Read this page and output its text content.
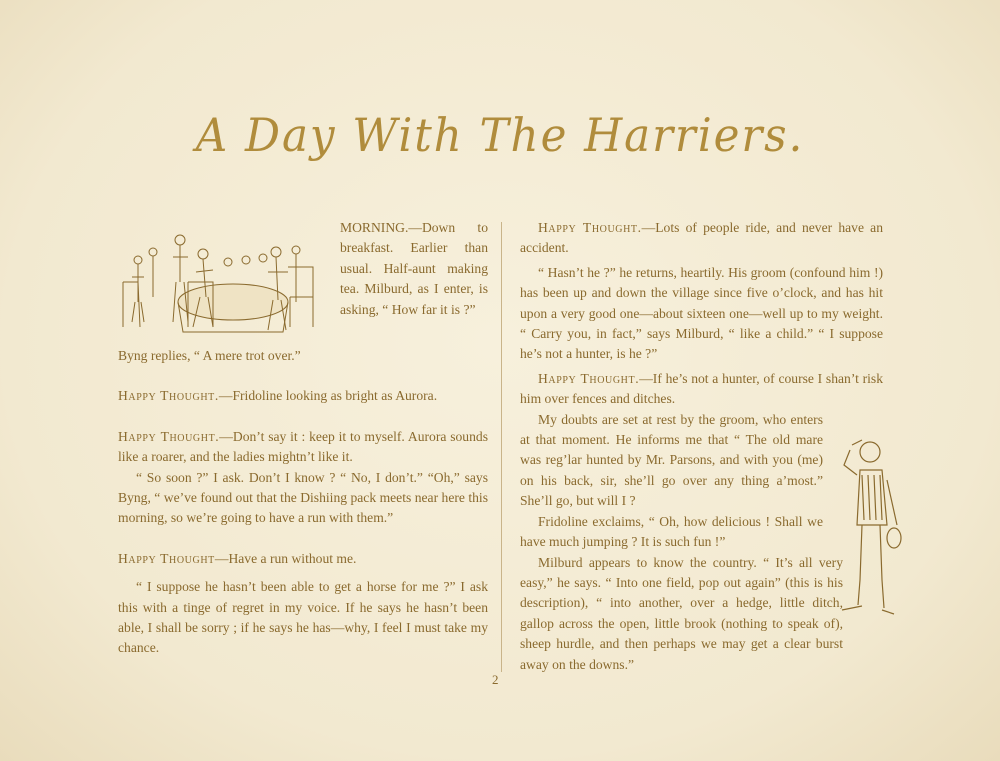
A Day With The Harriers.
MORNING.—Down to breakfast. Earlier than usual. Half-aunt making tea. Milburd, as I enter, is asking, “ How far it is ?”

Byng replies, “ A mere trot over.”

Happy Thought.—Fridoline looking as bright as Aurora.

Happy Thought.—Don’t say it : keep it to myself. Aurora sounds like a roarer, and the ladies mightn’t like it.

“ So soon ?” I ask. Don’t I know ? “ No, I don’t.” “Oh,” says Byng, “ we’ve found out that the Dishiing pack meets near here this morning, so we’re going to have a run with them.”

Happy Thought—Have a run without me.

“ I suppose he hasn’t been able to get a horse for me ?” I ask this with a tinge of regret in my voice. If he says he hasn’t been able, I shall be sorry ; if he says he has—why, I feel I must take my chance.

Happy Thought.—Lots of people ride, and never have an accident.

“ Hasn’t he ?” he returns, heartily. His groom (confound him !) has been up and down the village since five o’clock, and has hit upon a very good one—about sixteen one—well up to my weight. “ Carry you, in fact,” says Milburd, “ like a child.” “ I suppose he’s not a hunter, is he ?”

Happy Thought.—If he’s not a hunter, of course I shan’t risk him over fences and ditches.

My doubts are set at rest by the groom, who enters at that moment. He informs me that “ The old mare was reg’lar hunted by Mr. Parsons, and with you (me) on his back, sir, she’ll go over any thing a’most.” She’ll go, but will I ?

Fridoline exclaims, “ Oh, how delicious ! Shall we have much jumping ? It is such fun !”

Milburd appears to know the country. “ It’s all very easy,” he says. “ Into one field, pop out again” (this is his description), “ into another, over a hedge, little ditch, gallop across the open, little brook (nothing to speak of), sheep hurdle, and then perhaps we may get a clear burst away on the downs.”

2
